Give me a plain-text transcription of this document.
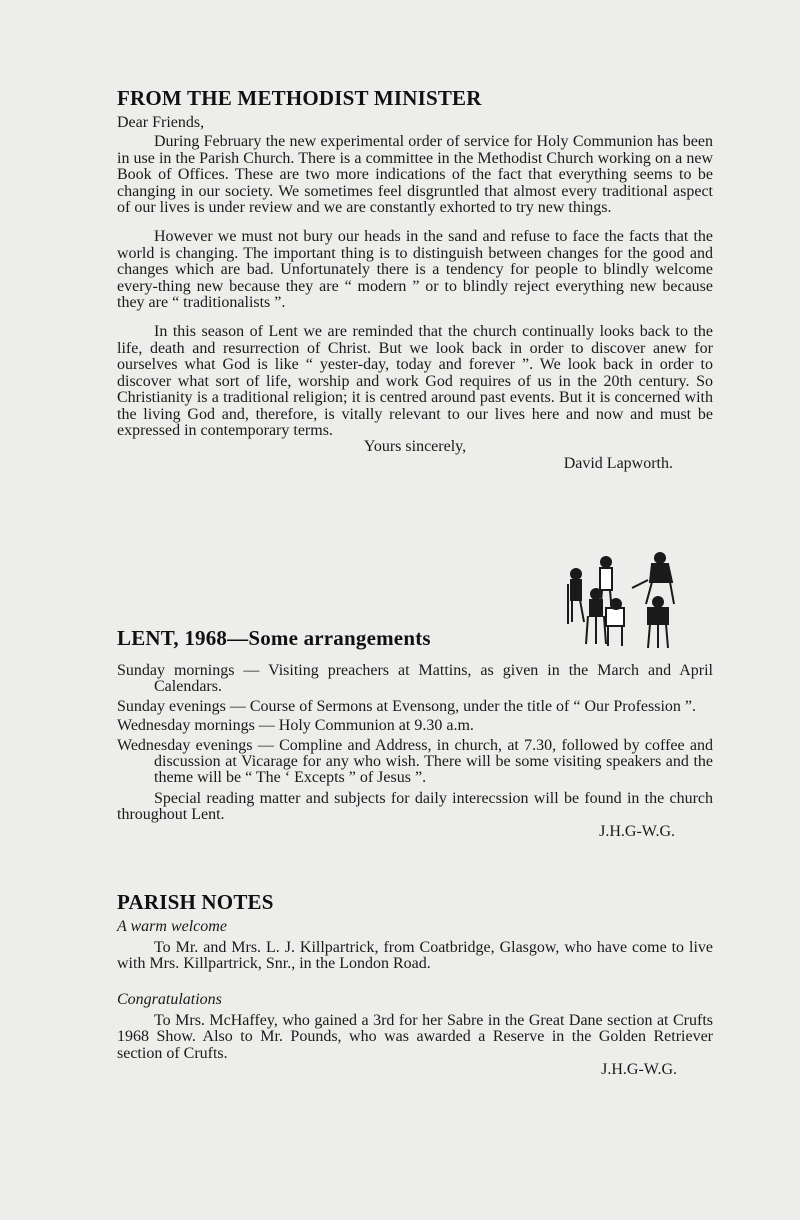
FROM THE METHODIST MINISTER

Dear Friends,

During February the new experimental order of service for Holy Communion has been in use in the Parish Church. There is a committee in the Methodist Church working on a new Book of Offices. These are two more indications of the fact that everything seems to be changing in our society. We sometimes feel disgruntled that almost every traditional aspect of our lives is under review and we are constantly exhorted to try new things.

However we must not bury our heads in the sand and refuse to face the facts that the world is changing. The important thing is to distinguish between changes for the good and changes which are bad. Unfortunately there is a tendency for people to blindly welcome every-thing new because they are “ modern ” or to blindly reject everything new because they are “ traditionalists ”.

In this season of Lent we are reminded that the church continually looks back to the life, death and resurrection of Christ. But we look back in order to discover anew for ourselves what God is like “ yester-day, today and forever ”. We look back in order to discover what sort of life, worship and work God requires of us in the 20th century. So Christianity is a traditional religion; it is centred around past events. But it is concerned with the living God and, therefore, is vitally relevant to our lives here and now and must be expressed in contemporary terms.

Yours sincerely,

David Lapworth.

LENT, 1968—Some arrangements

Sunday mornings — Visiting preachers at Mattins, as given in the March and April Calendars.

Sunday evenings — Course of Sermons at Evensong, under the title of “ Our Profession ”.

Wednesday mornings — Holy Communion at 9.30 a.m.

Wednesday evenings — Compline and Address, in church, at 7.30, followed by coffee and discussion at Vicarage for any who wish. There will be some visiting speakers and the theme will be “ The ‘ Excepts ” of Jesus ”.

Special reading matter and subjects for daily interecssion will be found in the church throughout Lent.

J.H.G-W.G.

PARISH NOTES

A warm welcome

To Mr. and Mrs. L. J. Killpartrick, from Coatbridge, Glasgow, who have come to live with Mrs. Killpartrick, Snr., in the London Road.

Congratulations

To Mrs. McHaffey, who gained a 3rd for her Sabre in the Great Dane section at Crufts 1968 Show. Also to Mr. Pounds, who was awarded a Reserve in the Golden Retriever section of Crufts.

J.H.G-W.G.
